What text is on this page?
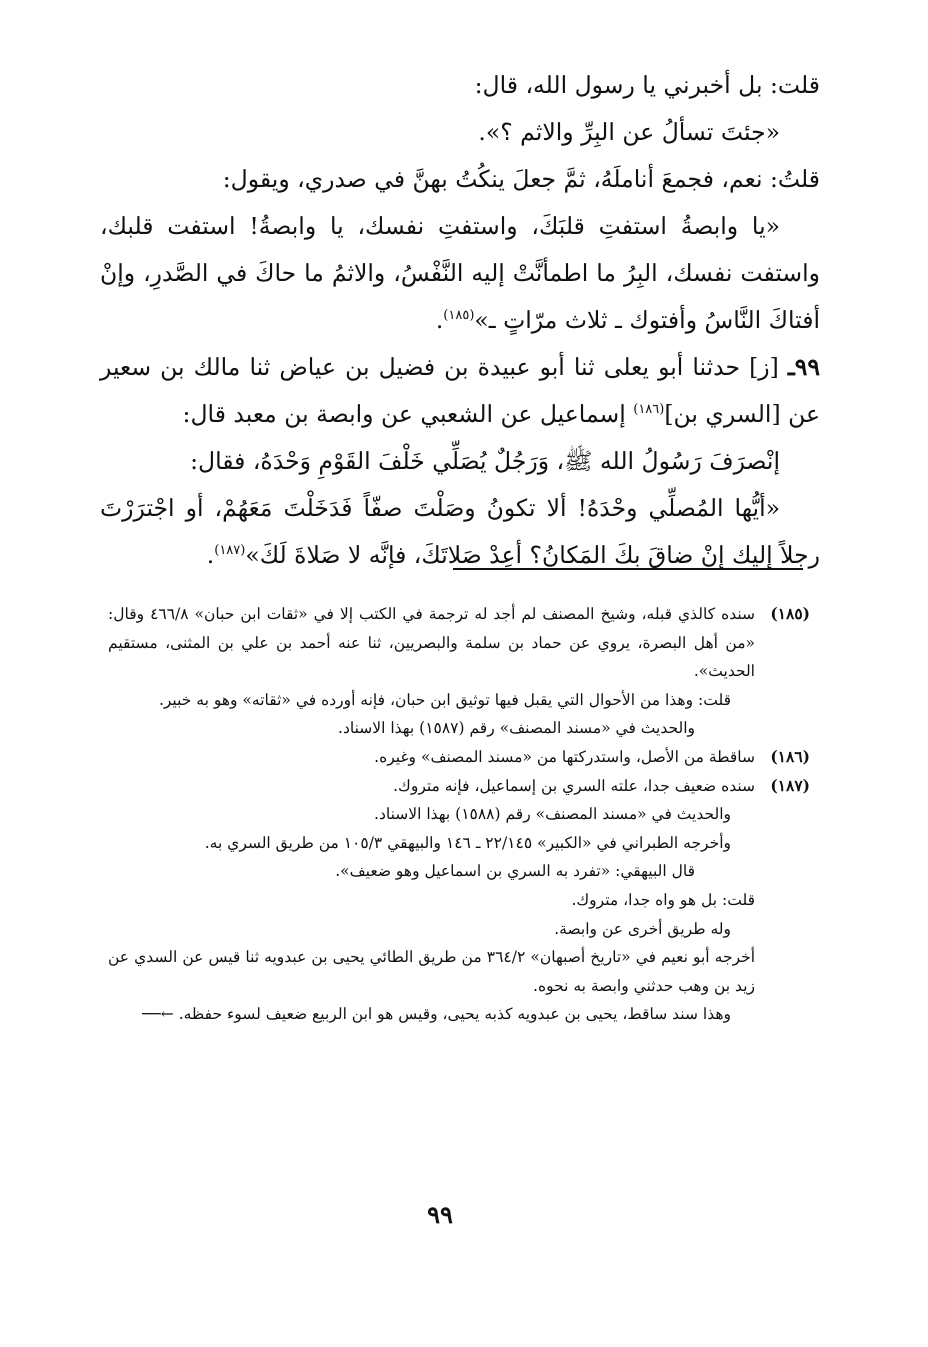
قلت: بل أخبرني يا رسول الله، قال:

«جئتَ تسألُ عن البِرِّ والاثم ؟».

قلتُ: نعم، فجمعَ أناملَهُ، ثمَّ جعلَ ينكُتُ بهنَّ في صدري، ويقول:

«يا وابصةُ استفتِ قلبَكَ، واستفتِ نفسك، يا وابصةُ! استفت قلبك، واستفت نفسك، البِرُ ما اطمأنَّتْ إليه النَّفْسُ، والاثمُ ما حاكَ في الصَّدرِ، وإنْ أفتاكَ النَّاسُ وأفتوك ـ ثلاث مرّاتٍ ـ»$^{(١٨٥)}$.

٩٩ـ [ز] حدثنا أبو يعلى ثنا أبو عبيدة بن فضيل بن عياض ثنا مالك بن سعير عن [السري بن]$^{(١٨٦)}$ إسماعيل عن الشعبي عن وابصة بن معبد قال:

إنْصرَفَ رَسُولُ الله ﷺ، وَرَجُلٌ يُصَلِّي خَلْفَ القَوْمِ وَحْدَهُ، فقال:

«أيُّها المُصلِّي وحْدَهُ! ألا تكونُ وصَلْتَ صفّاً فَدَخَلْتَ مَعَهُمْ، أو اجْترَرْتَ رجلاً إليك إنْ ضاقَ بكَ المَكانُ؟ أعِدْ صَلاتَكَ، فإنَّه لا صَلاةَ لَكَ»$^{(١٨٧)}$.

(١٨٥)
سنده كالذي قبله، وشيخ المصنف لم أجد له ترجمة في الكتب إلا في «ثقات ابن حبان» ٤٦٦/٨ وقال: «من أهل البصرة، يروي عن حماد بن سلمة والبصريين، ثنا عنه أحمد بن علي بن المثنى، مستقيم الحديث».

قلت: وهذا من الأحوال التي يقبل فيها توثيق ابن حبان، فإنه أورده في «ثقاته» وهو به خبير.

والحديث في «مسند المصنف» رقم (١٥٨٧) بهذا الاسناد.

(١٨٦)
ساقطة من الأصل، واستدركتها من «مسند المصنف» وغيره.
(١٨٧)
سنده ضعيف جدا، علته السري بن إسماعيل، فإنه متروك.

والحديث في «مسند المصنف» رقم (١٥٨٨) بهذا الاسناد.

وأخرجه الطبراني في «الكبير» ٢٢/١٤٥ ـ ١٤٦ والبيهقي ١٠٥/٣ من طريق السري به.

قال البيهقي: «تفرد به السري بن اسماعيل وهو ضعيف».

قلت: بل هو واه جدا، متروك.

وله طريق أخرى عن وابصة.

أخرجه أبو نعيم في «تاريخ أصبهان» ٣٦٤/٢ من طريق الطائي يحيى بن عبدويه ثنا قيس عن السدي عن زيد بن وهب حدثني وابصة به نحوه.

وهذا سند ساقط، يحيى بن عبدويه كذبه يحيى، وقيس هو ابن الربيع ضعيف لسوء حفظه. ←──

٩٩
